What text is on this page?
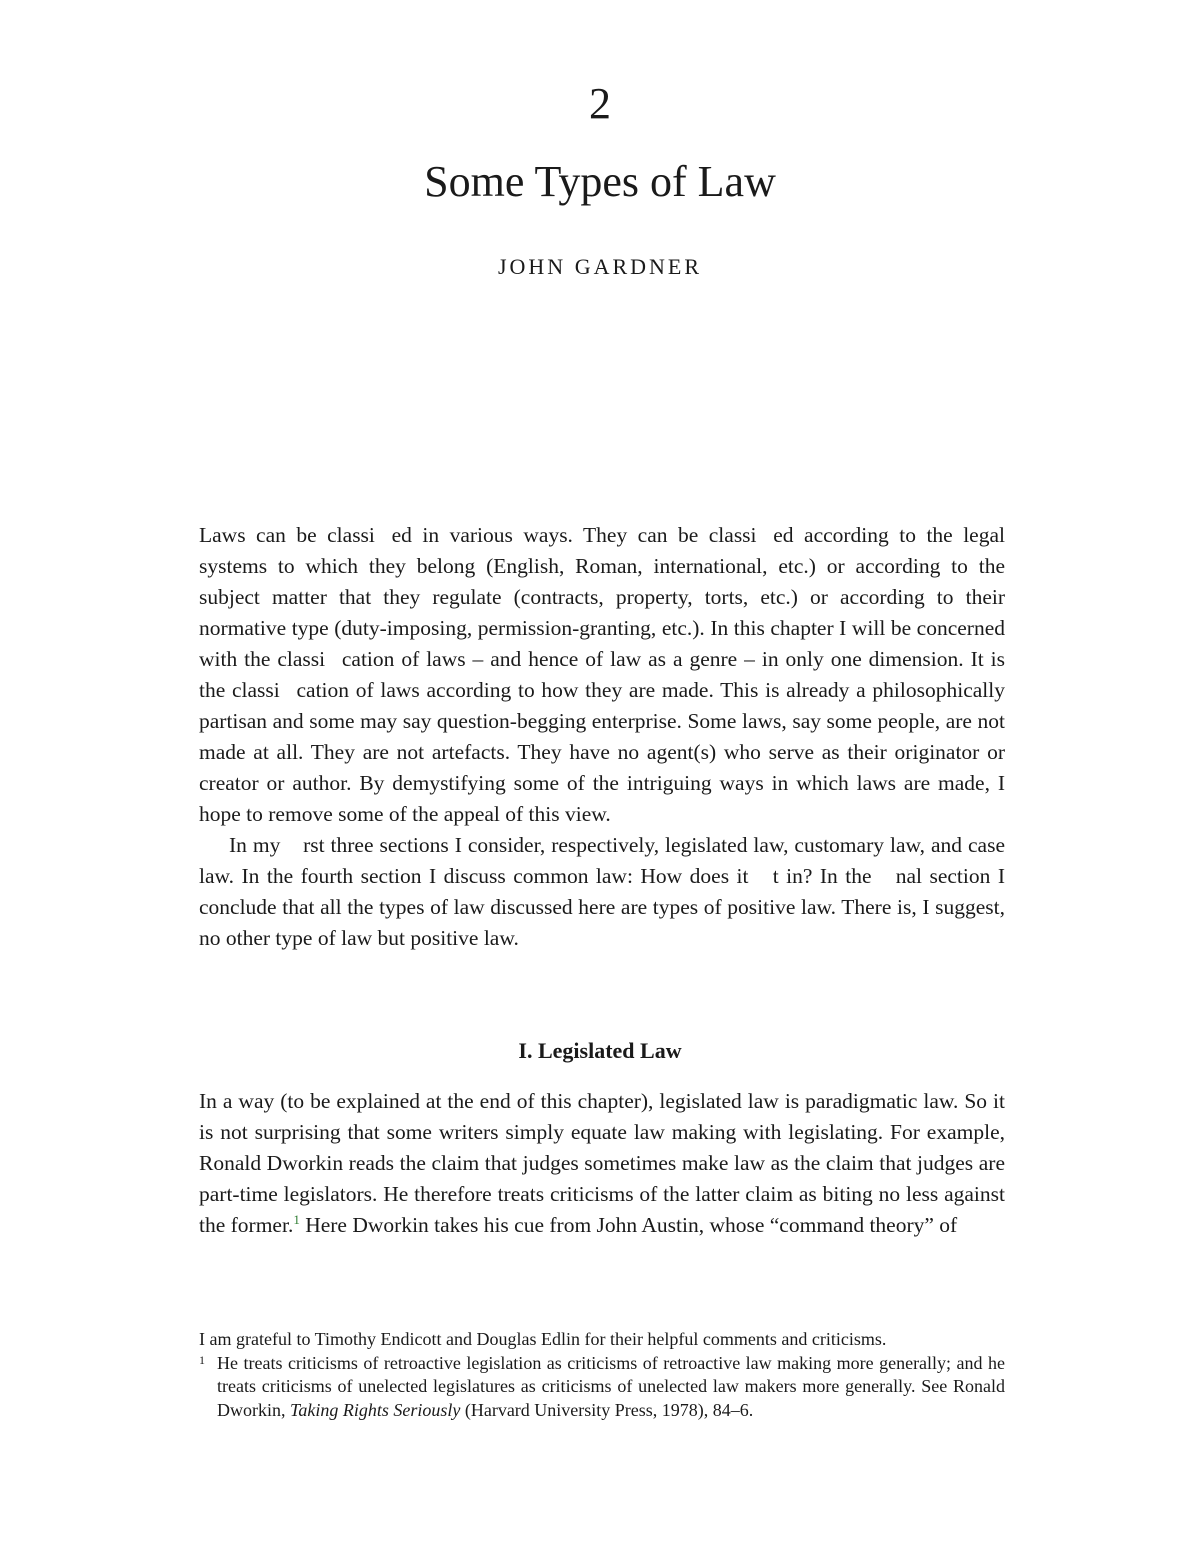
2
Some Types of Law
JOHN GARDNER

Laws can be classi ed in various ways. They can be classi ed according to the legal systems to which they belong (English, Roman, international, etc.) or according to the subject matter that they regulate (contracts, property, torts, etc.) or according to their normative type (duty-imposing, permission-granting, etc.). In this chapter I will be concerned with the classi cation of laws – and hence of law as a genre – in only one dimension. It is the classi cation of laws according to how they are made. This is already a philosophically partisan and some may say question-begging enterprise. Some laws, say some people, are not made at all. They are not artefacts. They have no agent(s) who serve as their originator or creator or author. By demystifying some of the intriguing ways in which laws are made, I hope to remove some of the appeal of this view.

In my  rst three sections I consider, respectively, legislated law, customary law, and case law. In the fourth section I discuss common law: How does it  t in? In the  nal section I conclude that all the types of law discussed here are types of positive law. There is, I suggest, no other type of law but positive law.

I. Legislated Law

In a way (to be explained at the end of this chapter), legislated law is paradigmatic law. So it is not surprising that some writers simply equate law making with legislating. For example, Ronald Dworkin reads the claim that judges sometimes make law as the claim that judges are part-time legislators. He therefore treats criticisms of the latter claim as biting no less against the former.$^1$ Here Dworkin takes his cue from John Austin, whose “command theory” of

I am grateful to Timothy Endicott and Douglas Edlin for their helpful comments and criticisms.

1 He treats criticisms of retroactive legislation as criticisms of retroactive law making more generally; and he treats criticisms of unelected legislatures as criticisms of unelected law makers more generally. See Ronald Dworkin, Taking Rights Seriously (Harvard University Press, 1978), 84–6.
